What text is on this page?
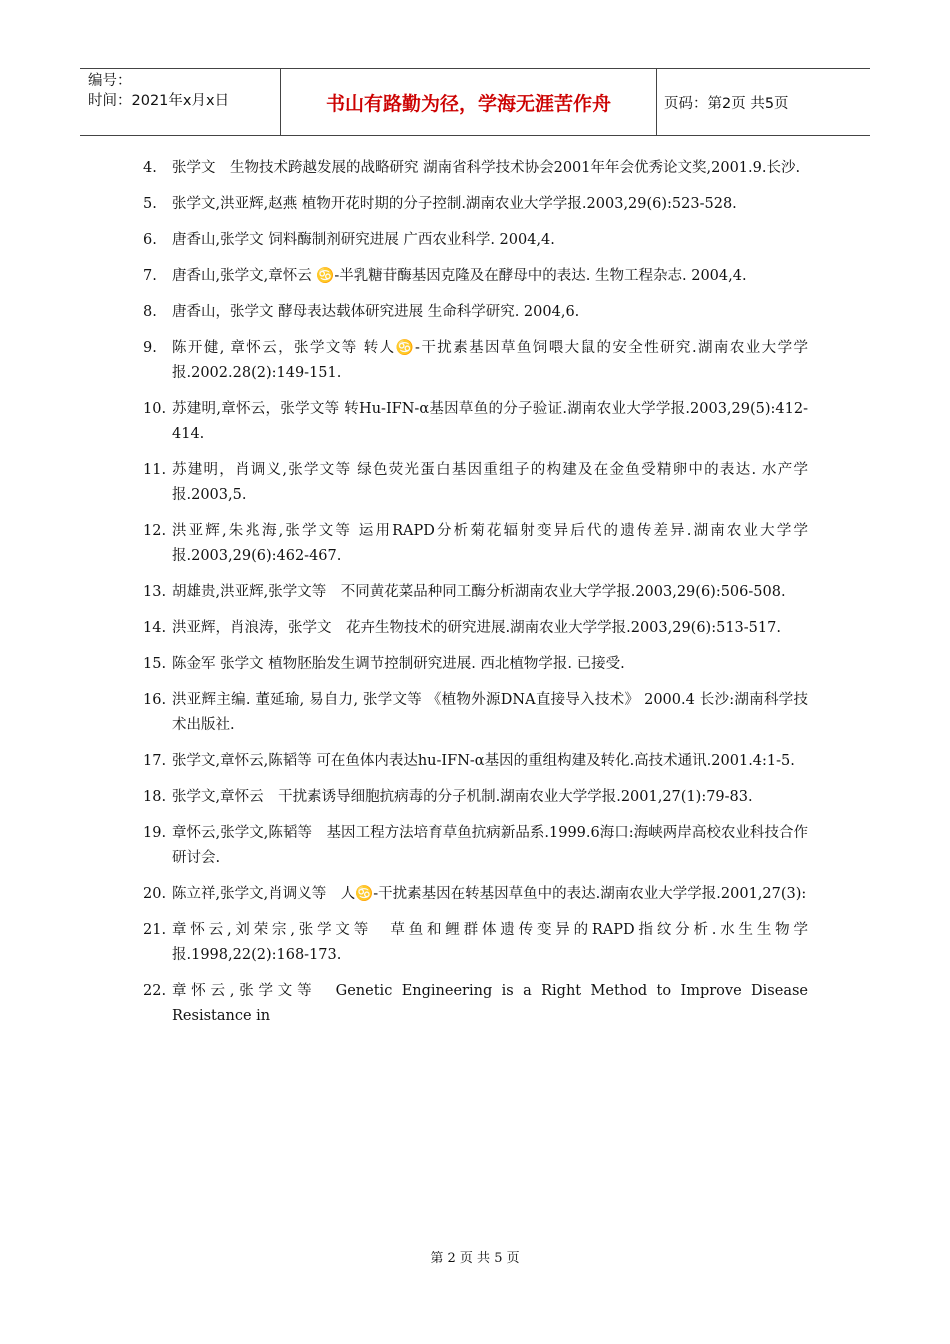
编号：
时间：2021年x月x日	书山有路勤为径，学海无涯苦作舟	页码：第2页 共5页
4. 张学文　生物技术跨越发展的战略研究 湖南省科学技术协会2001年年会优秀论文奖,2001.9.长沙.
5. 张学文,洪亚辉,赵燕 植物开花时期的分子控制.湖南农业大学学报.2003,29(6):523-528.
6. 唐香山,张学文 饲料酶制剂研究进展 广西农业科学. 2004,4.
7. 唐香山,张学文,章怀云 ♋-半乳糖苷酶基因克隆及在酵母中的表达. 生物工程杂志. 2004,4.
8. 唐香山，张学文 酵母表达载体研究进展 生命科学研究. 2004,6.
9. 陈开健, 章怀云，张学文等 转人♋-干扰素基因草鱼饲喂大鼠的安全性研究.湖南农业大学学报.2002.28(2):149-151.
10. 苏建明,章怀云，张学文等 转Hu-IFN-α基因草鱼的分子验证.湖南农业大学学报.2003,29(5):412-414.
11. 苏建明，肖调义,张学文等 绿色荧光蛋白基因重组子的构建及在金鱼受精卵中的表达. 水产学报.2003,5.
12. 洪亚辉,朱兆海,张学文等 运用RAPD分析菊花辐射变异后代的遗传差异.湖南农业大学学报.2003,29(6):462-467.
13. 胡雄贵,洪亚辉,张学文等　不同黄花菜品种同工酶分析湖南农业大学学报.2003,29(6):506-508.
14. 洪亚辉，肖浪涛，张学文　花卉生物技术的研究进展.湖南农业大学学报.2003,29(6):513-517.
15. 陈金军 张学文 植物胚胎发生调节控制研究进展. 西北植物学报. 已接受.
16. 洪亚辉主编. 董延瑜, 易自力, 张学文等 《植物外源DNA直接导入技术》 2000.4 长沙:湖南科学技术出版社.
17. 张学文,章怀云,陈韬等 可在鱼体内表达hu-IFN-α基因的重组构建及转化.高技术通讯.2001.4:1-5.
18. 张学文,章怀云　干扰素诱导细胞抗病毒的分子机制.湖南农业大学学报.2001,27(1):79-83.
19. 章怀云,张学文,陈韬等　基因工程方法培育草鱼抗病新品系.1999.6海口:海峡两岸高校农业科技合作研讨会.
20. 陈立祥,张学文,肖调义等　人♋-干扰素基因在转基因草鱼中的表达.湖南农业大学学报.2001,27(3):
21. 章怀云,刘荣宗,张学文等　草鱼和鲤群体遗传变异的RAPD指纹分析.水生生物学报.1998,22(2):168-173.
22. 章怀云,张学文等　Genetic Engineering is a Right Method to Improve Disease Resistance in
第 2 页 共 5 页
